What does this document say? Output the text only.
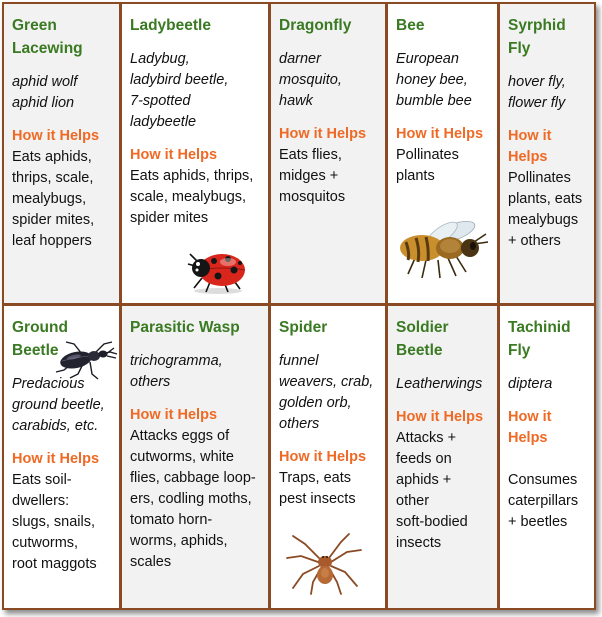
Green
Lacewing
aphid wolf
aphid lion
How it Helps
Eats aphids,
thrips, scale,
mealybugs,
spider mites,
leaf hoppers
Ladybeetle
Ladybug,
ladybird beetle,
7-spotted
ladybeetle
How it Helps
Eats aphids, thrips,
scale, mealybugs,
spider mites
Dragonfly
darner
mosquito,
hawk
How it Helps
Eats flies,
midges +
mosquitos
Bee
European
honey bee,
bumble bee
How it Helps
Pollinates
plants
Syrphid
Fly
hover fly,
flower fly
How it
Helps
Pollinates
plants, eats
mealybugs
+ others
Ground
Beetle
Predacious
ground beetle,
carabids, etc.
How it Helps
Eats soil-
dwellers:
slugs, snails,
cutworms,
root maggots
Parasitic Wasp
trichogramma,
others
How it Helps
Attacks eggs of
cutworms, white
flies, cabbage loop-
ers, codling moths,
tomato horn-
worms, aphids,
scales
Spider
funnel
weavers, crab,
golden orb,
others
How it Helps
Traps, eats
pest insects
Soldier
Beetle
Leatherwings
How it Helps
Attacks +
feeds on
aphids +
other
soft-bodied
insects
Tachinid
Fly
diptera
How it
Helps
Consumes
caterpillars
+ beetles
